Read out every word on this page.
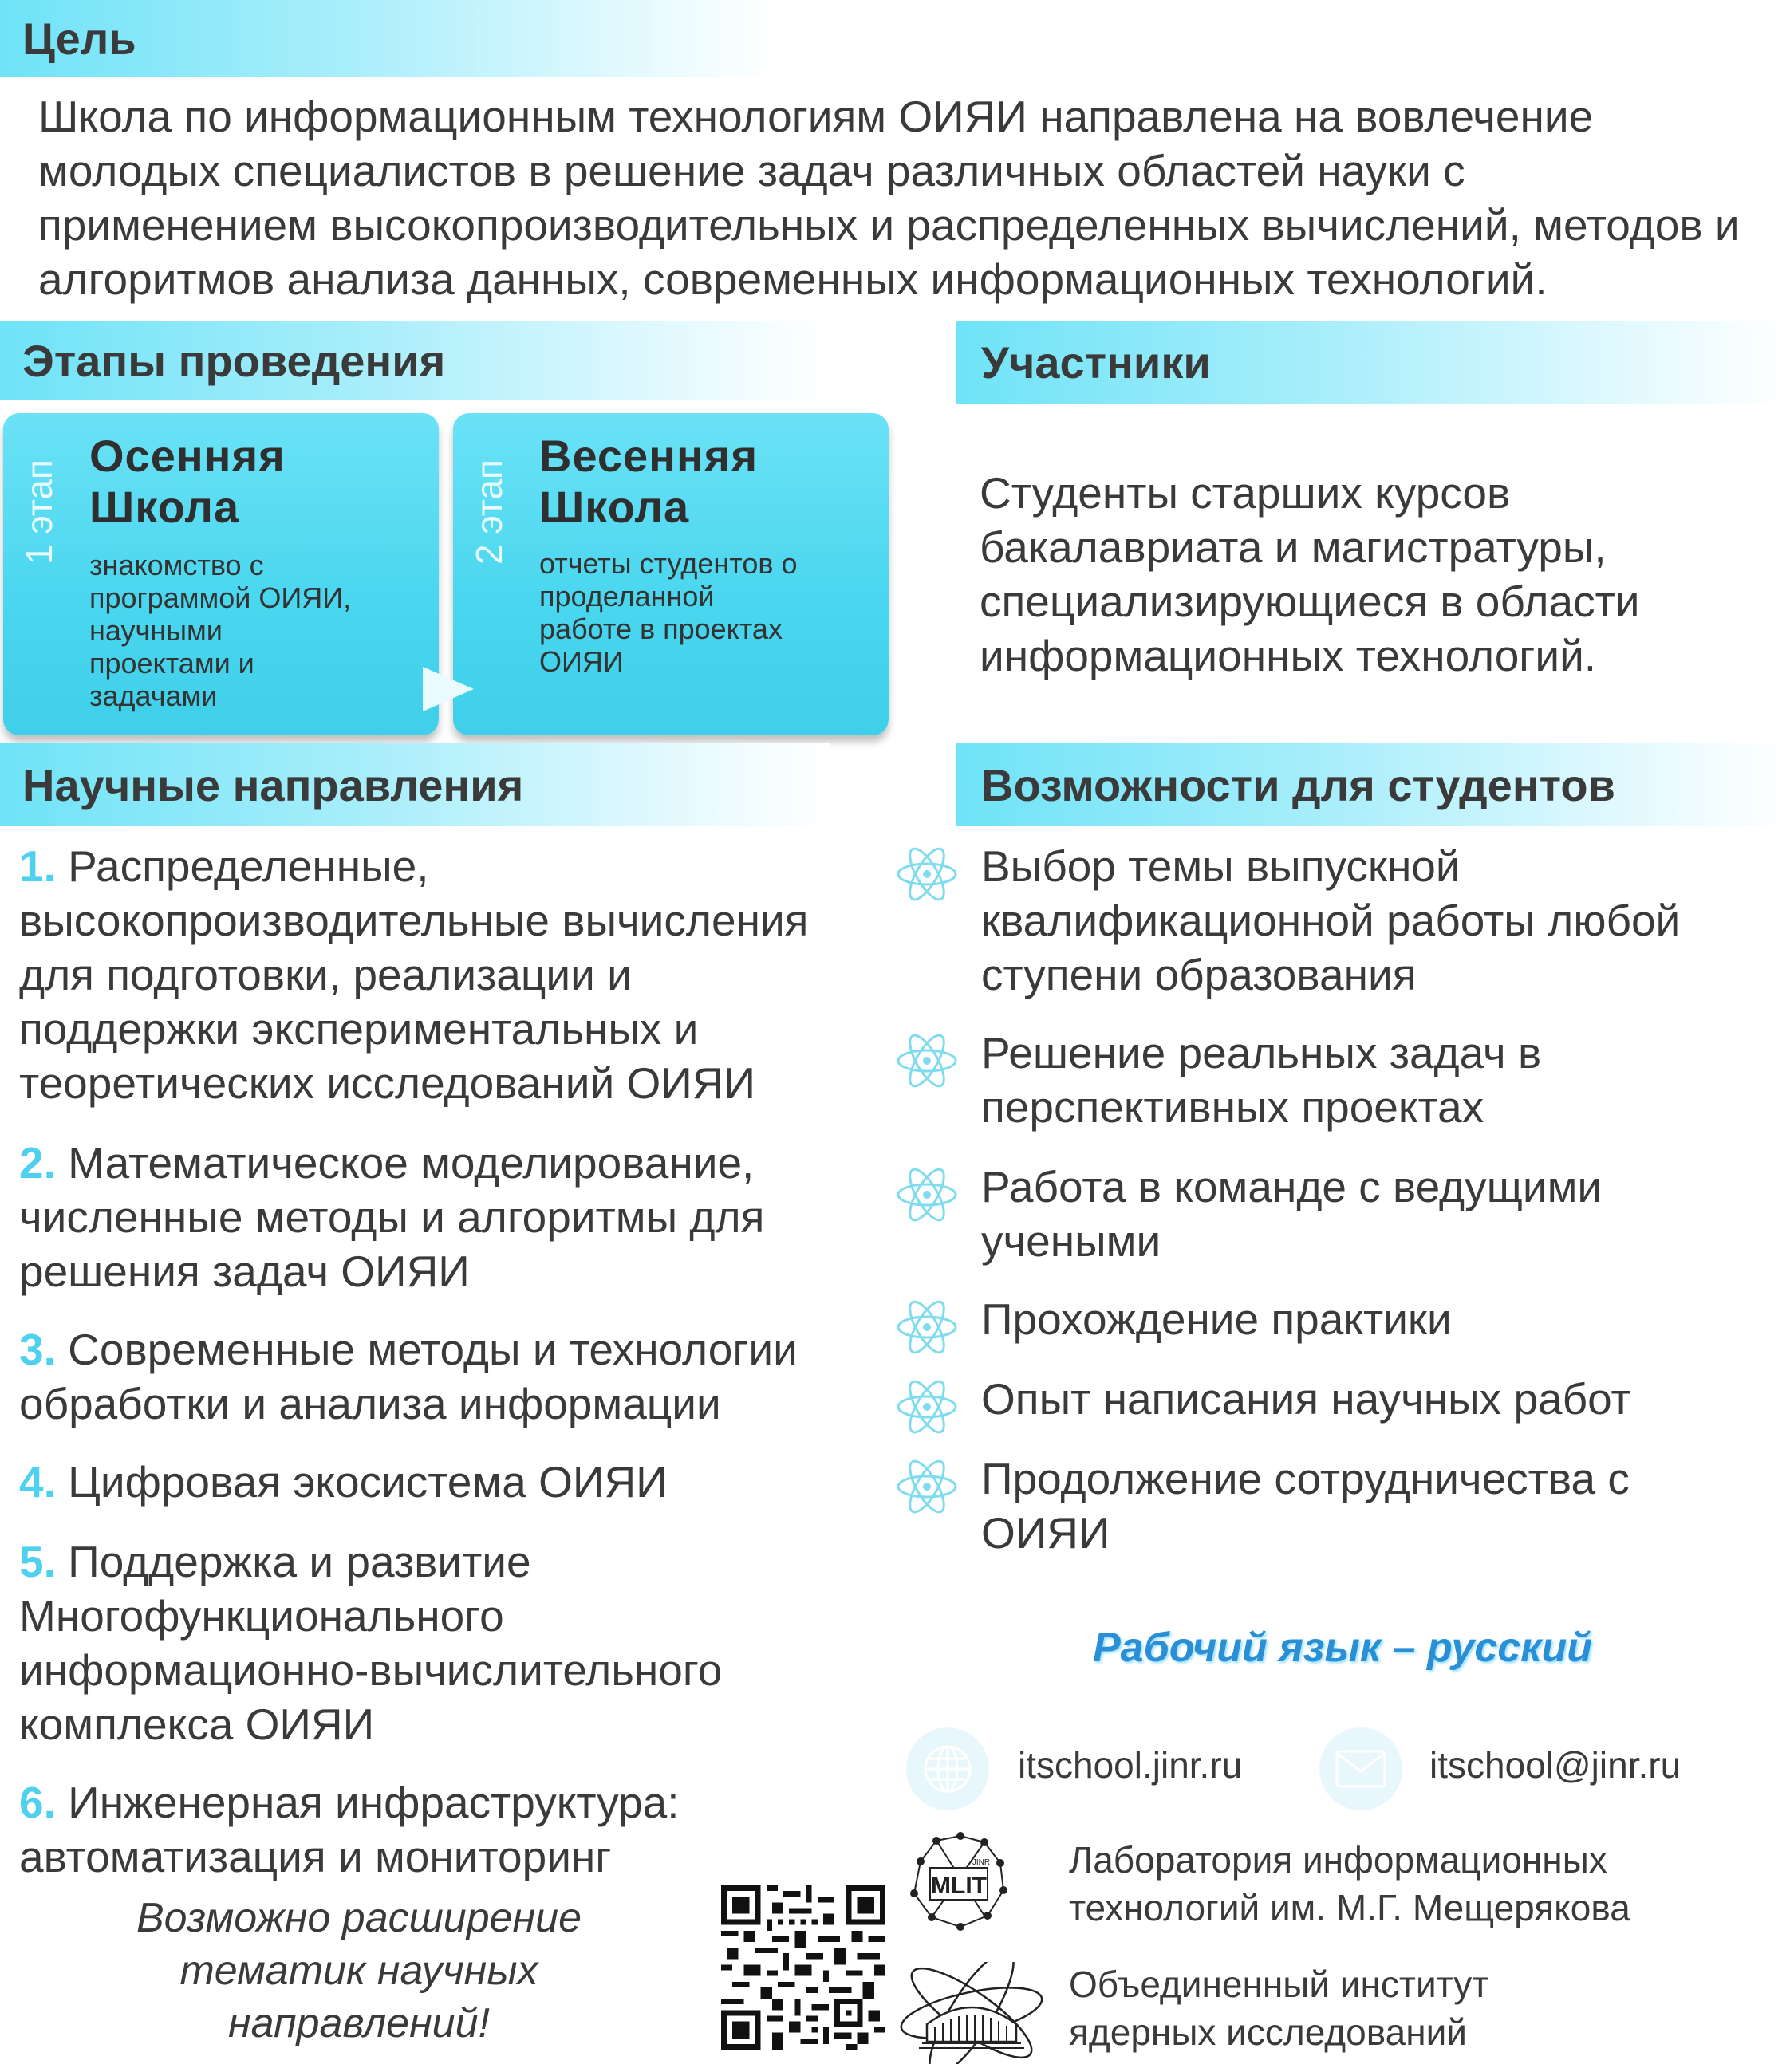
Цель
Школа по информационным технологиям ОИЯИ направлена на вовлечение
молодых специалистов в решение задач различных областей науки с
применением высокопроизводительных и распределенных вычислений, методов и
алгоритмов анализа данных, современных информационных технологий.
Этапы проведения
1 этап
Осенняя
Школа
знакомство с
программой ОИЯИ,
научными
проектами и
задачами
2 этап
Весенняя
Школа
отчеты студентов о
проделанной
работе в проектах
ОИЯИ
Участники
Студенты старших курсов
бакалавриата и магистратуры,
специализирующиеся в области
информационных технологий.
Научные направления
1. Распределенные,
высокопроизводительные вычисления
для подготовки, реализации и
поддержки экспериментальных и
теоретических исследований ОИЯИ
2. Математическое моделирование,
численные методы и алгоритмы для
решения задач ОИЯИ
3. Современные методы и технологии
обработки и анализа информации
4. Цифровая экосистема ОИЯИ
5. Поддержка и развитие
Многофункционального
информационно-вычислительного
комплекса ОИЯИ
6. Инженерная инфраструктура:
автоматизация и мониторинг
Возможно расширение
тематик научных
направлений!
Возможности для студентов
Выбор темы выпускной
квалификационной работы любой
ступени образования
Решение реальных задач в
перспективных проектах
Работа в команде с ведущими
учеными
Прохождение практики
Опыт написания научных работ
Продолжение сотрудничества с
ОИЯИ
Рабочий язык – русский
itschool.jinr.ru	itschool@jinr.ru
MLIT
JINR Лаборатория информационных
технологий им. М.Г. Мещерякова
Объединенный институт
ядерных исследований
